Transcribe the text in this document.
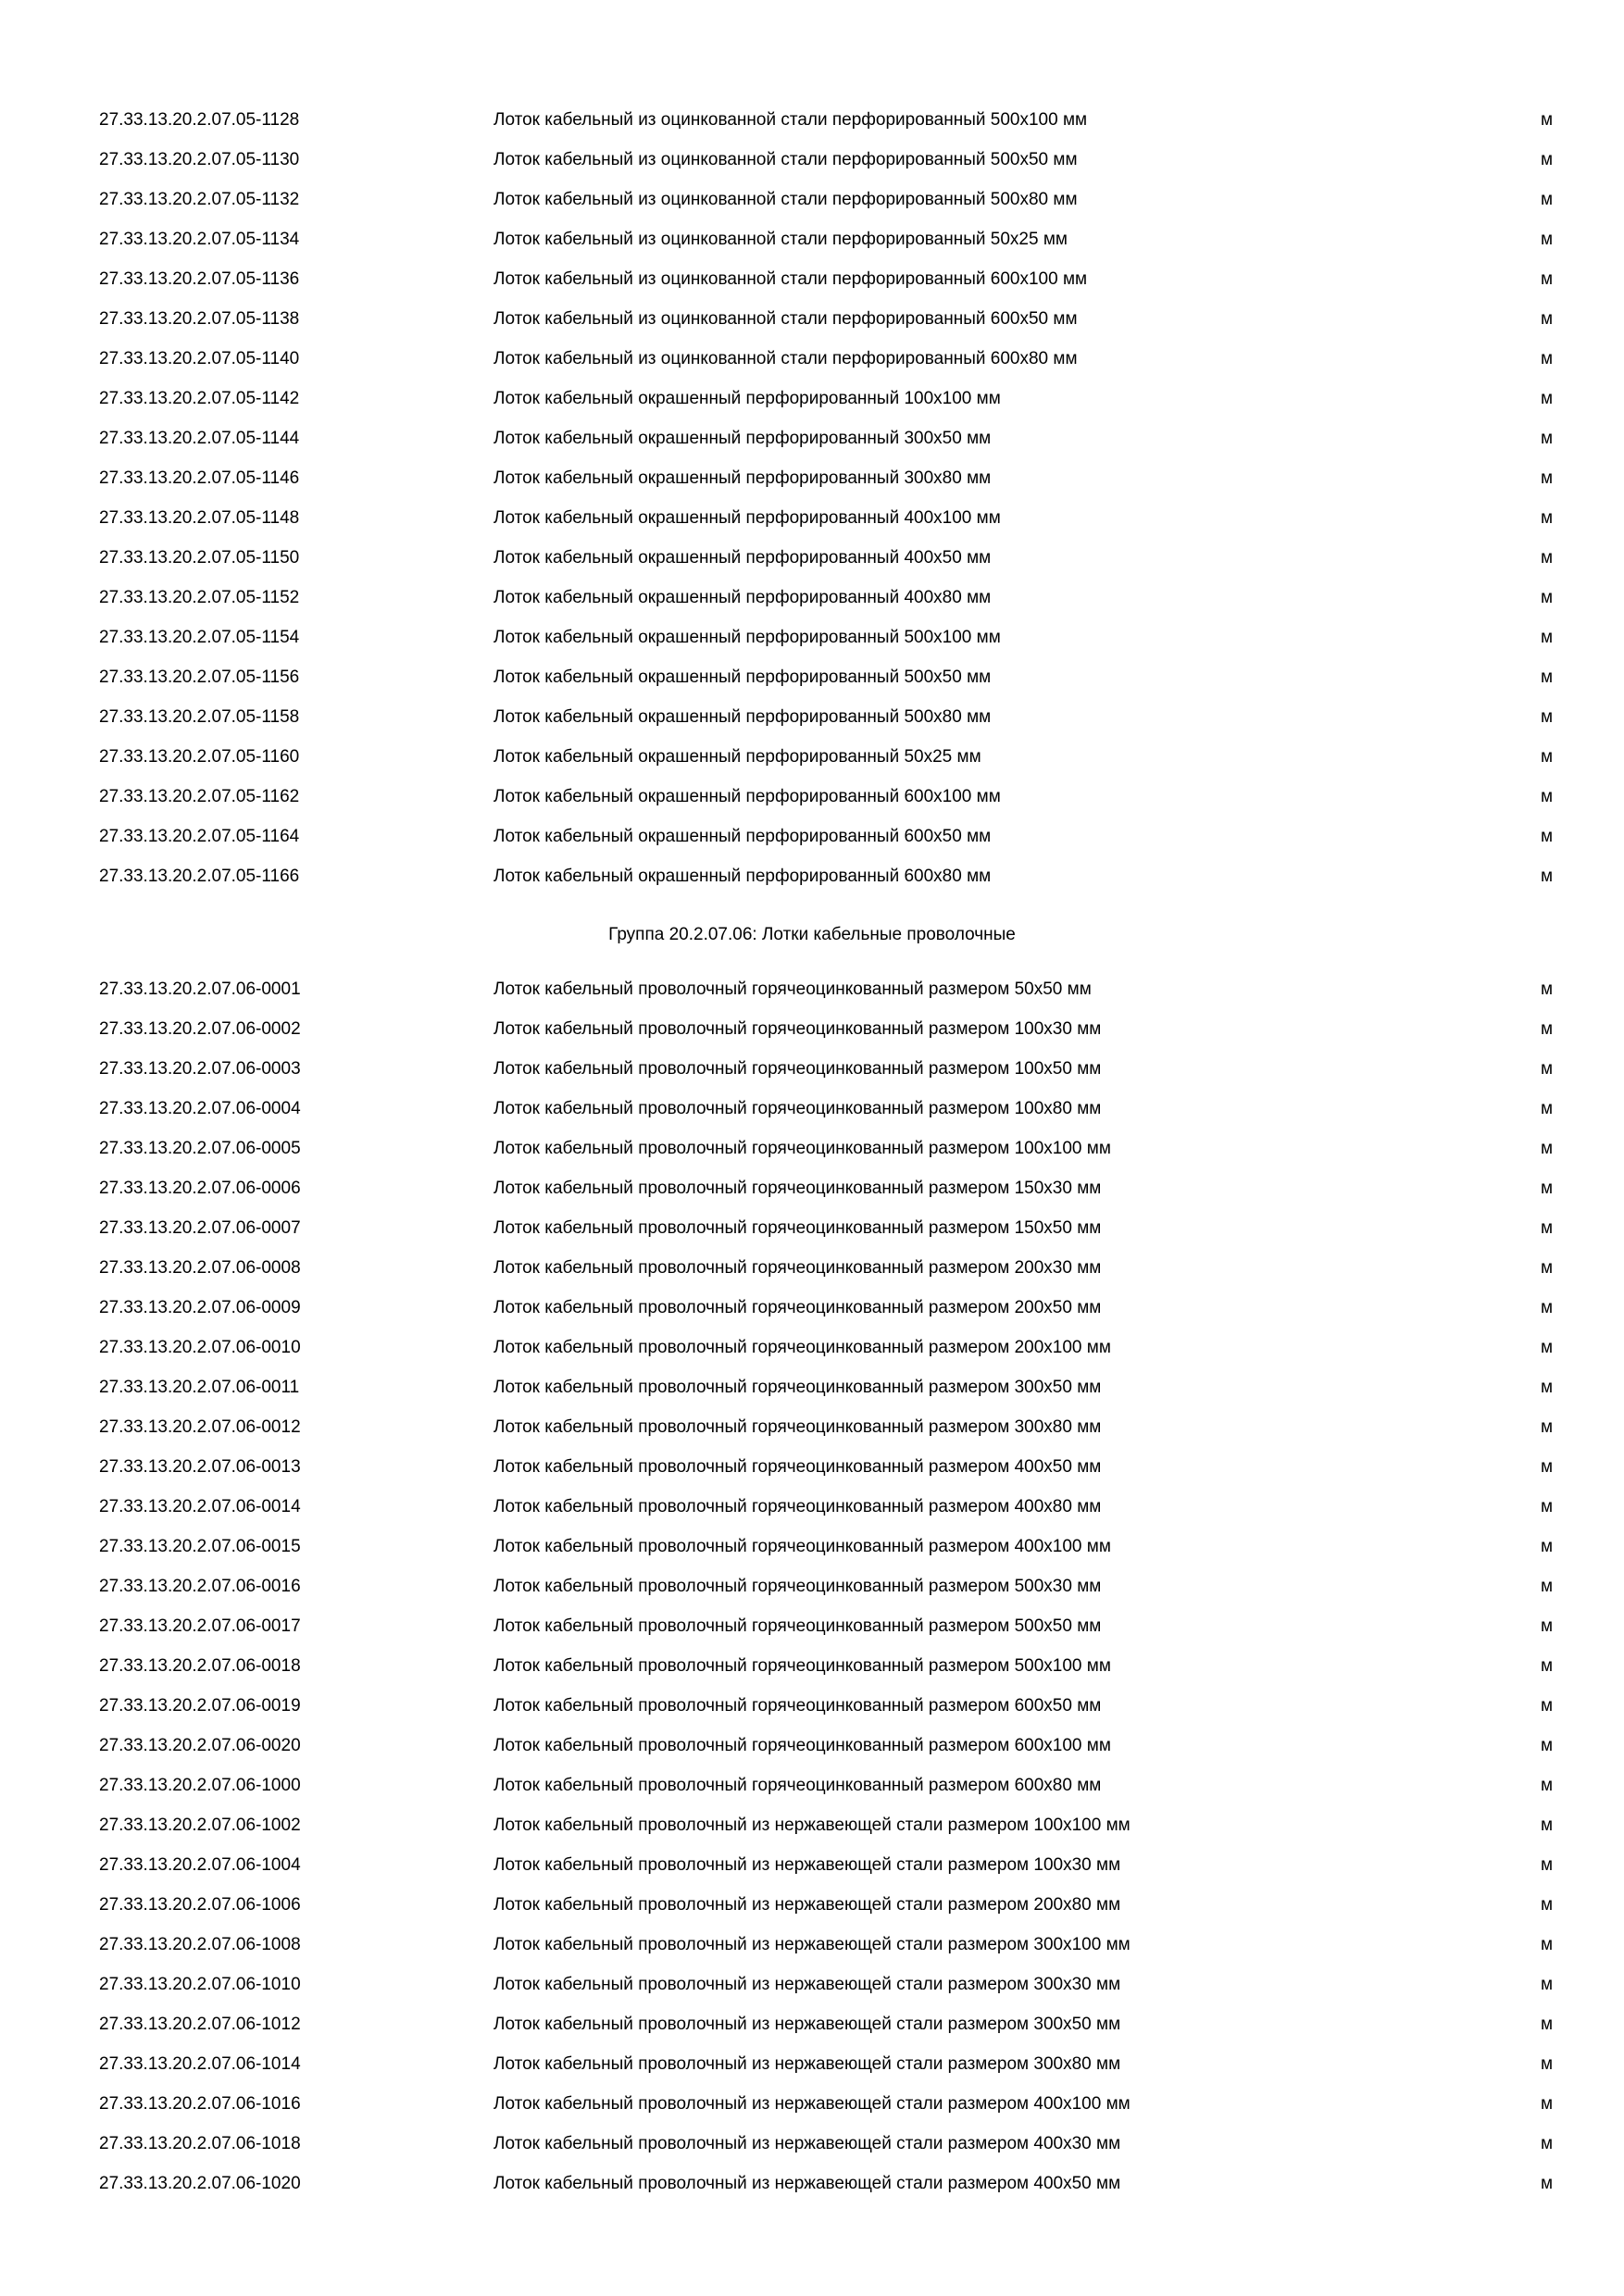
27.33.13.20.2.07.05-1128	Лоток кабельный из оцинкованной стали перфорированный 500х100 мм	м
27.33.13.20.2.07.05-1130	Лоток кабельный из оцинкованной стали перфорированный 500х50 мм	м
27.33.13.20.2.07.05-1132	Лоток кабельный из оцинкованной стали перфорированный 500х80 мм	м
27.33.13.20.2.07.05-1134	Лоток кабельный из оцинкованной стали перфорированный 50х25 мм	м
27.33.13.20.2.07.05-1136	Лоток кабельный из оцинкованной стали перфорированный 600х100 мм	м
27.33.13.20.2.07.05-1138	Лоток кабельный из оцинкованной стали перфорированный 600х50 мм	м
27.33.13.20.2.07.05-1140	Лоток кабельный из оцинкованной стали перфорированный 600х80 мм	м
27.33.13.20.2.07.05-1142	Лоток кабельный окрашенный перфорированный 100х100 мм	м
27.33.13.20.2.07.05-1144	Лоток кабельный окрашенный перфорированный 300х50 мм	м
27.33.13.20.2.07.05-1146	Лоток кабельный окрашенный перфорированный 300х80 мм	м
27.33.13.20.2.07.05-1148	Лоток кабельный окрашенный перфорированный 400х100 мм	м
27.33.13.20.2.07.05-1150	Лоток кабельный окрашенный перфорированный 400х50 мм	м
27.33.13.20.2.07.05-1152	Лоток кабельный окрашенный перфорированный 400х80 мм	м
27.33.13.20.2.07.05-1154	Лоток кабельный окрашенный перфорированный 500х100 мм	м
27.33.13.20.2.07.05-1156	Лоток кабельный окрашенный перфорированный 500х50 мм	м
27.33.13.20.2.07.05-1158	Лоток кабельный окрашенный перфорированный 500х80 мм	м
27.33.13.20.2.07.05-1160	Лоток кабельный окрашенный перфорированный 50х25 мм	м
27.33.13.20.2.07.05-1162	Лоток кабельный окрашенный перфорированный 600х100 мм	м
27.33.13.20.2.07.05-1164	Лоток кабельный окрашенный перфорированный 600х50 мм	м
27.33.13.20.2.07.05-1166	Лоток кабельный окрашенный перфорированный 600х80 мм	м
Группа 20.2.07.06: Лотки кабельные проволочные
27.33.13.20.2.07.06-0001	Лоток кабельный проволочный горячеоцинкованный размером 50х50 мм	м
27.33.13.20.2.07.06-0002	Лоток кабельный проволочный горячеоцинкованный размером 100х30 мм	м
27.33.13.20.2.07.06-0003	Лоток кабельный проволочный горячеоцинкованный размером 100х50 мм	м
27.33.13.20.2.07.06-0004	Лоток кабельный проволочный горячеоцинкованный размером 100х80 мм	м
27.33.13.20.2.07.06-0005	Лоток кабельный проволочный горячеоцинкованный размером 100х100 мм	м
27.33.13.20.2.07.06-0006	Лоток кабельный проволочный горячеоцинкованный размером 150х30 мм	м
27.33.13.20.2.07.06-0007	Лоток кабельный проволочный горячеоцинкованный размером 150х50 мм	м
27.33.13.20.2.07.06-0008	Лоток кабельный проволочный горячеоцинкованный размером 200х30 мм	м
27.33.13.20.2.07.06-0009	Лоток кабельный проволочный горячеоцинкованный размером 200х50 мм	м
27.33.13.20.2.07.06-0010	Лоток кабельный проволочный горячеоцинкованный размером 200х100 мм	м
27.33.13.20.2.07.06-0011	Лоток кабельный проволочный горячеоцинкованный размером 300х50 мм	м
27.33.13.20.2.07.06-0012	Лоток кабельный проволочный горячеоцинкованный размером 300х80 мм	м
27.33.13.20.2.07.06-0013	Лоток кабельный проволочный горячеоцинкованный размером 400х50 мм	м
27.33.13.20.2.07.06-0014	Лоток кабельный проволочный горячеоцинкованный размером 400х80 мм	м
27.33.13.20.2.07.06-0015	Лоток кабельный проволочный горячеоцинкованный размером 400х100 мм	м
27.33.13.20.2.07.06-0016	Лоток кабельный проволочный горячеоцинкованный размером 500х30 мм	м
27.33.13.20.2.07.06-0017	Лоток кабельный проволочный горячеоцинкованный размером 500х50 мм	м
27.33.13.20.2.07.06-0018	Лоток кабельный проволочный горячеоцинкованный размером 500х100 мм	м
27.33.13.20.2.07.06-0019	Лоток кабельный проволочный горячеоцинкованный размером 600х50 мм	м
27.33.13.20.2.07.06-0020	Лоток кабельный проволочный горячеоцинкованный размером 600х100 мм	м
27.33.13.20.2.07.06-1000	Лоток кабельный проволочный горячеоцинкованный размером 600х80 мм	м
27.33.13.20.2.07.06-1002	Лоток кабельный проволочный из нержавеющей стали размером 100х100 мм	м
27.33.13.20.2.07.06-1004	Лоток кабельный проволочный из нержавеющей стали размером 100х30 мм	м
27.33.13.20.2.07.06-1006	Лоток кабельный проволочный из нержавеющей стали размером 200х80 мм	м
27.33.13.20.2.07.06-1008	Лоток кабельный проволочный из нержавеющей стали размером 300х100 мм	м
27.33.13.20.2.07.06-1010	Лоток кабельный проволочный из нержавеющей стали размером 300х30 мм	м
27.33.13.20.2.07.06-1012	Лоток кабельный проволочный из нержавеющей стали размером 300х50 мм	м
27.33.13.20.2.07.06-1014	Лоток кабельный проволочный из нержавеющей стали размером 300х80 мм	м
27.33.13.20.2.07.06-1016	Лоток кабельный проволочный из нержавеющей стали размером 400х100 мм	м
27.33.13.20.2.07.06-1018	Лоток кабельный проволочный из нержавеющей стали размером 400х30 мм	м
27.33.13.20.2.07.06-1020	Лоток кабельный проволочный из нержавеющей стали размером 400х50 мм	м
